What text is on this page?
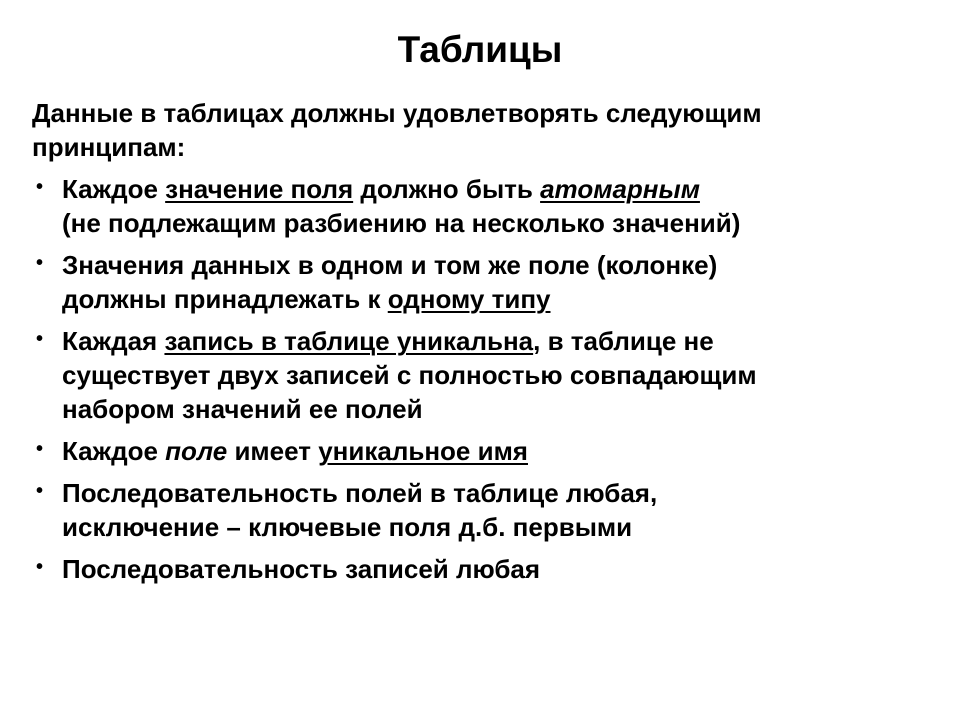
Таблицы

Данные в таблицах должны удовлетворять следующим
принципам:

• Каждое значение поля должно быть атомарным
(не подлежащим разбиению на несколько значений)
• Значения данных в одном и том же поле (колонке)
должны принадлежать к одному типу
• Каждая запись в таблице уникальна, в таблице не
существует двух записей с полностью совпадающим
набором значений ее полей
• Каждое поле имеет уникальное имя
• Последовательность полей в таблице любая,
исключение – ключевые поля д.б. первыми
• Последовательность записей любая
